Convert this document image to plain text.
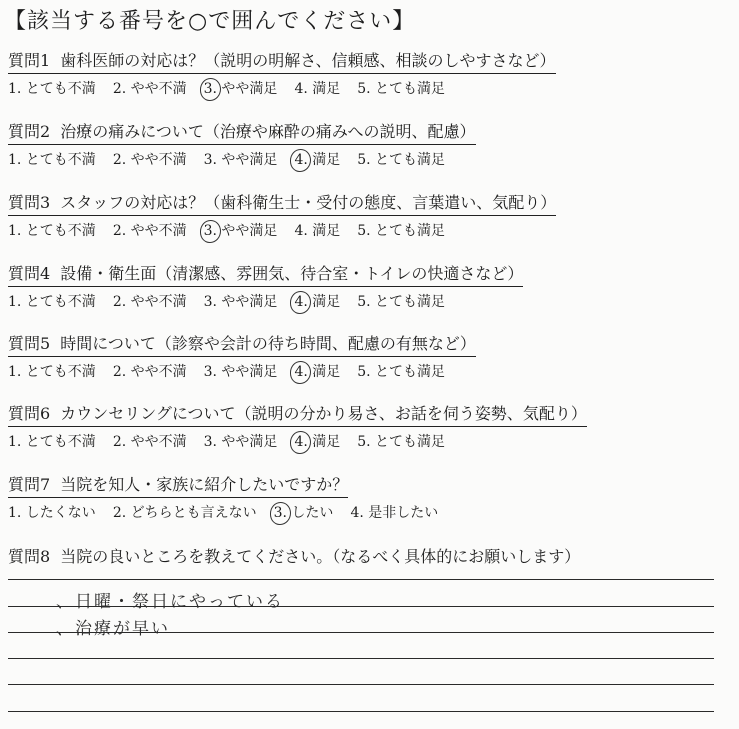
【該当する番号を○で囲んでください】
質問1 歯科医師の対応は？（説明の明解さ、信頼感、相談のしやすさなど）
1. とても不満 2. やや不満 3. やや満足 4. 満足 5. とても満足
質問2 治療の痛みについて（治療や麻酔の痛みへの説明、配慮）
1. とても不満 2. やや不満 3. やや満足 4. 満足 5. とても満足
質問3 スタッフの対応は？（歯科衛生士・受付の態度、言葉遣い、気配り）
1. とても不満 2. やや不満 3. やや満足 4. 満足 5. とても満足
質問4 設備・衛生面（清潔感、雰囲気、待合室・トイレの快適さなど）
1. とても不満 2. やや不満 3. やや満足 4. 満足 5. とても満足
質問5 時間について（診察や会計の待ち時間、配慮の有無など）
1. とても不満 2. やや不満 3. やや満足 4. 満足 5. とても満足
質問6 カウンセリングについて（説明の分かり易さ、お話を伺う姿勢、気配り）
1. とても不満 2. やや不満 3. やや満足 4. 満足 5. とても満足
質問7 当院を知人・家族に紹介したいですか？
1. したくない 2. どちらとも言えない 3. したい 4. 是非したい
質問8 当院の良いところを教えてください。（なるべく具体的にお願いします）
、日曜・祭日にやっている
、治療が早い
